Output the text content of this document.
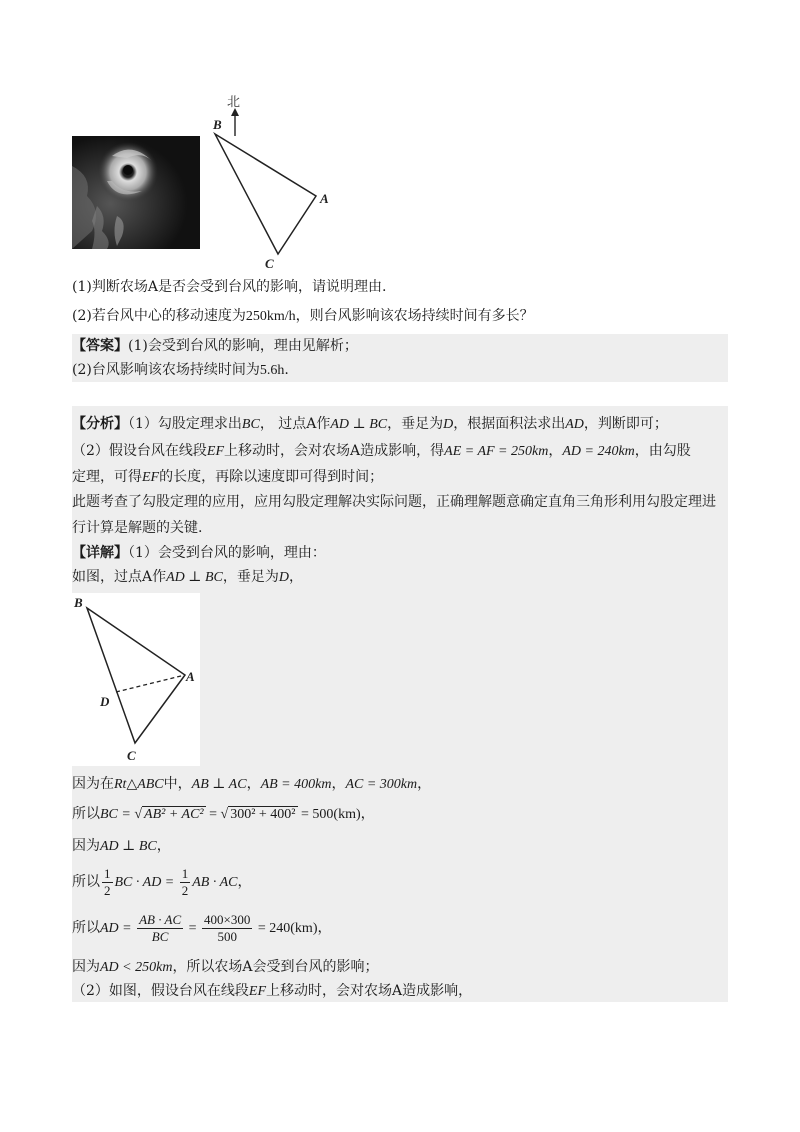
北
B
A
C
(1)判断农场A是否会受到台风的影响，请说明理由.
(2)若台风中心的移动速度为250km/h，则台风影响该农场持续时间有多长？
【答案】(1)会受到台风的影响，理由见解析；
(2)台风影响该农场持续时间为5.6h.
【分析】（1）勾股定理求出BC， 过点A作AD ⊥ BC，垂足为D，根据面积法求出AD，判断即可；
（2）假设台风在线段EF上移动时，会对农场A造成影响，得AE = AF = 250km，AD = 240km，由勾股
定理，可得EF的长度，再除以速度即可得到时间；
此题考查了勾股定理的应用，应用勾股定理解决实际问题，正确理解题意确定直角三角形利用勾股定理进
行计算是解题的关键.
【详解】（1）会受到台风的影响，理由：
如图，过点A作AD ⊥ BC，垂足为D，
B
A
D
C
因为在Rt△ABC中，AB ⊥ AC，AB = 400km，AC = 300km，
所以BC = √ AB² + AC² = √ 300² + 400² = 500(km)，
因为AD ⊥ BC，
所以 $\frac{1}{2}$ BC · AD = $\frac{1}{2}$ AB · AC，
所以AD = $\frac{AB \cdot AC}{BC} = \frac{400\times 300}{500} = 240(km)$，
因为AD < 250km，所以农场A会受到台风的影响；
（2）如图，假设台风在线段EF上移动时，会对农场A造成影响，
